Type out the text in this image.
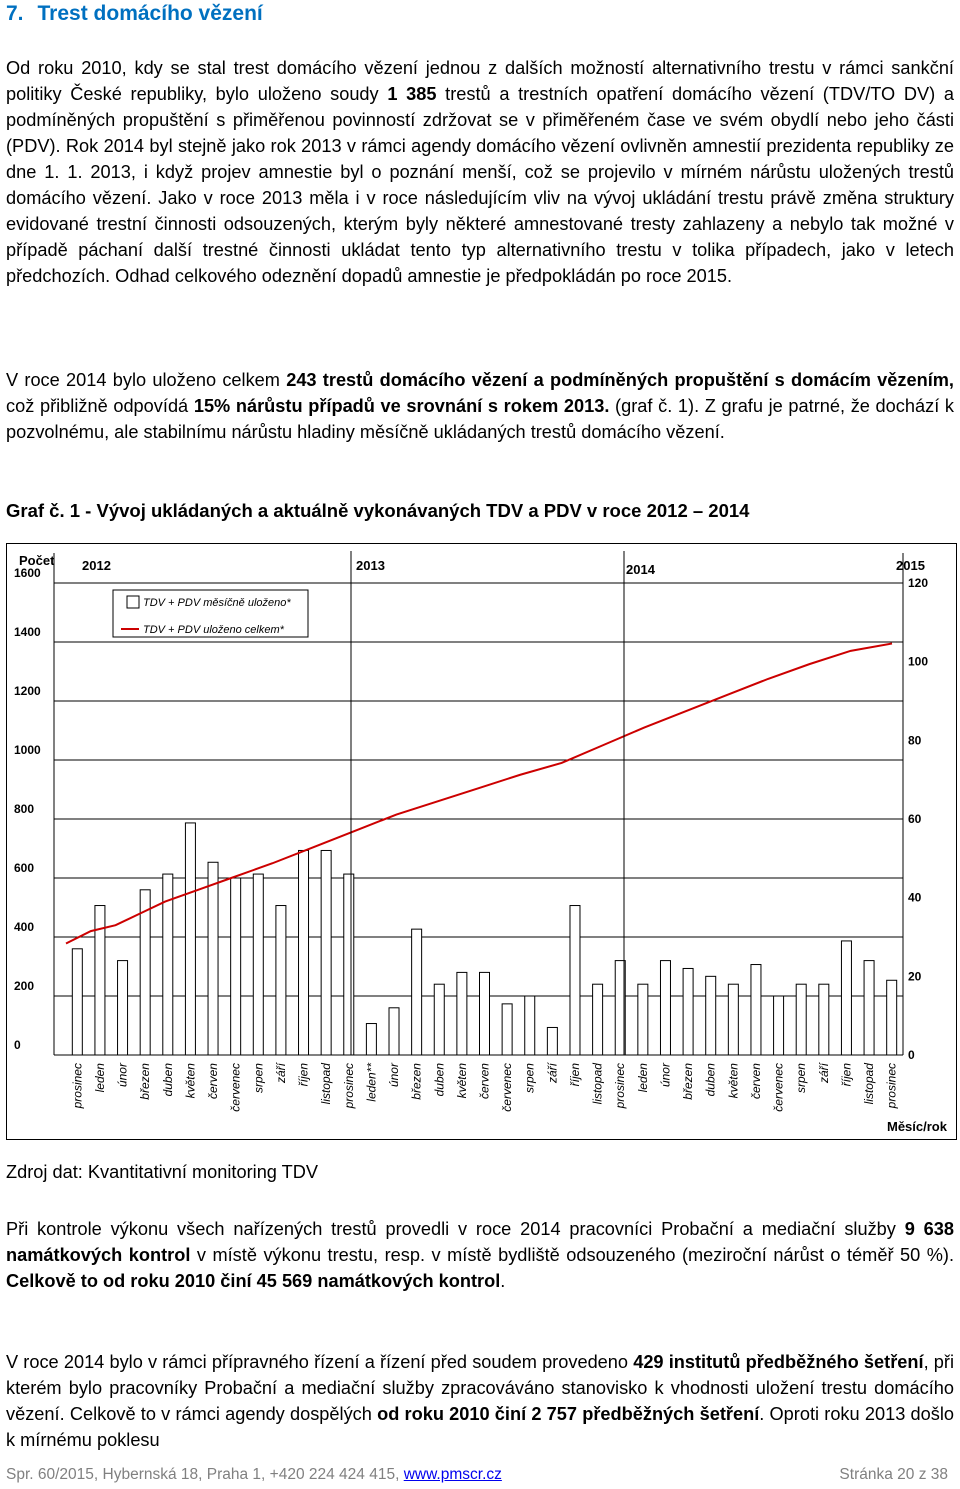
7. Trest domácího vězení
Od roku 2010, kdy se stal trest domácího vězení jednou z dalších možností alternativního trestu v rámci sankční politiky České republiky, bylo uloženo soudy 1 385 trestů a trestních opatření domácího vězení (TDV/TO DV) a podmíněných propuštění s přiměřenou povinností zdržovat se v přiměřeném čase ve svém obydlí nebo jeho části (PDV). Rok 2014 byl stejně jako rok 2013 v rámci agendy domácího vězení ovlivněn amnestií prezidenta republiky ze dne 1. 1. 2013, i když projev amnestie byl o poznání menší, což se projevilo v mírném nárůstu uložených trestů domácího vězení. Jako v roce 2013 měla i v roce následujícím vliv na vývoj ukládání trestu právě změna struktury evidované trestní činnosti odsouzených, kterým byly některé amnestované tresty zahlazeny a nebylo tak možné v případě páchaní další trestné činnosti ukládat tento typ alternativního trestu v tolika případech, jako v letech předchozích. Odhad celkového odeznění dopadů amnestie je předpokládán po roce 2015.
V roce 2014 bylo uloženo celkem 243 trestů domácího vězení a podmíněných propuštění s domácím vězením, což přibližně odpovídá 15% nárůstu případů ve srovnání s rokem 2013. (graf č. 1). Z grafu je patrné, že dochází k pozvolnému, ale stabilnímu nárůstu hladiny měsíčně ukládaných trestů domácího vězení.
Graf č. 1 - Vývoj ukládaných a aktuálně vykonávaných TDV a PDV v roce 2012 – 2014
0
200
400
600
800
1000
1200
1400
1600
0
20
40
60
80
100
120
Počet 2012	2013	2014	2015
prosinec leden únor březen duben květen červen červenec srpen září říjen listopad prosinec leden** únor březen duben květen červen červenec srpen září říjen listopad prosinec leden únor březen duben květen červen červenec srpen září říjen listopad prosinec
TDV + PDV měsíčně uloženo*
TDV + PDV uloženo celkem*
Měsíc/rok
Zdroj dat: Kvantitativní monitoring TDV
Při kontrole výkonu všech nařízených trestů provedli v roce 2014 pracovníci Probační a mediační služby 9 638 namátkových kontrol v místě výkonu trestu, resp. v místě bydliště odsouzeného (meziroční nárůst o téměř 50 %). Celkově to od roku 2010 činí 45 569 namátkových kontrol.
V roce 2014 bylo v rámci přípravného řízení a řízení před soudem provedeno 429 institutů předběžného šetření, při kterém bylo pracovníky Probační a mediační služby zpracováváno stanovisko k vhodnosti uložení trestu domácího vězení. Celkově to v rámci agendy dospělých od roku 2010 činí 2 757 předběžných šetření. Oproti roku 2013 došlo k mírnému poklesu
Spr. 60/2015, Hybernská 18, Praha 1, +420 224 424 415, www.pmscr.cz	Stránka 20 z 38
